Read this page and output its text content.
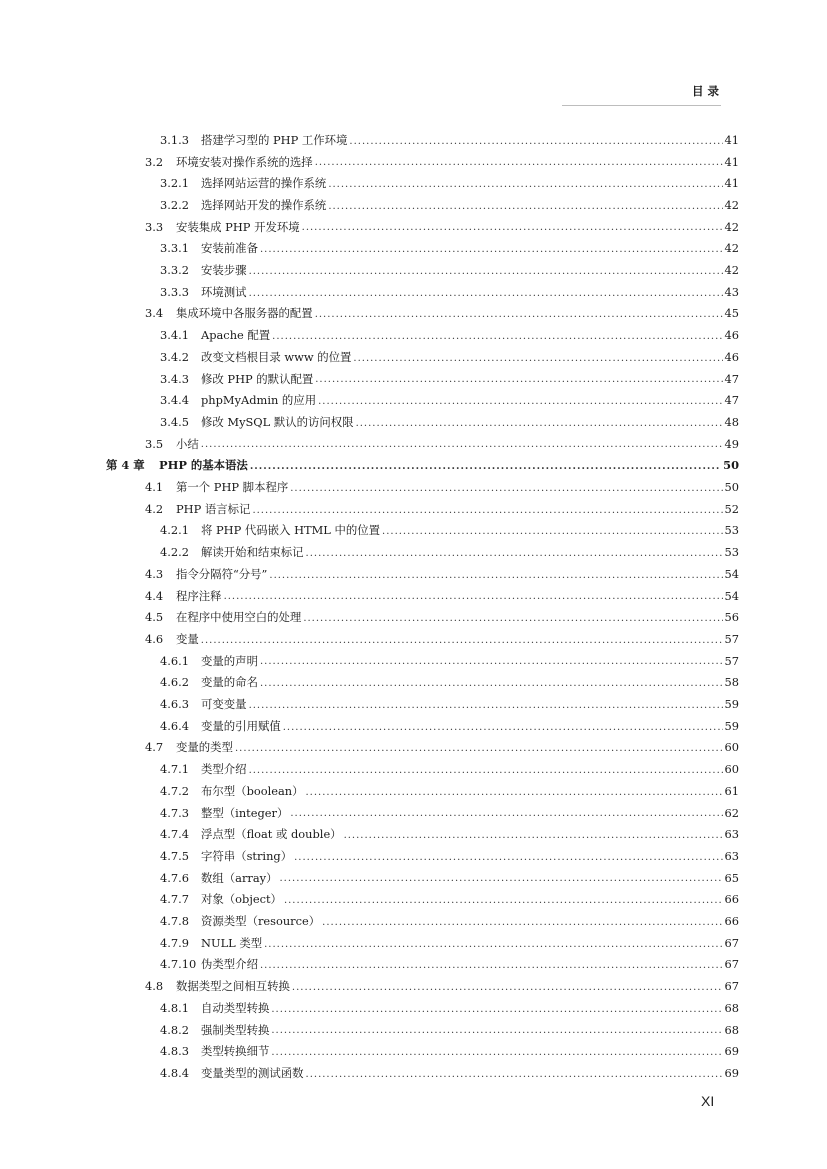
目录
3.1.3	搭建学习型的 PHP 工作环境 .....	41
3.2	环境安装对操作系统的选择 .....	41
3.2.1	选择网站运营的操作系统 .....	41
3.2.2	选择网站开发的操作系统 .....	42
3.3	安装集成 PHP 开发环境 .....	42
3.3.1	安装前准备 .....	42
3.3.2	安装步骤 .....	42
3.3.3	环境测试 .....	43
3.4	集成环境中各服务器的配置 .....	45
3.4.1	Apache 配置 .....	46
3.4.2	改变文档根目录 www 的位置 .....	46
3.4.3	修改 PHP 的默认配置 .....	47
3.4.4	phpMyAdmin 的应用 .....	47
3.4.5	修改 MySQL 默认的访问权限 .....	48
3.5	小结 .....	49
第 4 章	PHP 的基本语法 .....	50
4.1	第一个 PHP 脚本程序 .....	50
4.2	PHP 语言标记 .....	52
4.2.1	将 PHP 代码嵌入 HTML 中的位置 .....	53
4.2.2	解读开始和结束标记 .....	53
4.3	指令分隔符“分号” .....	54
4.4	程序注释 .....	54
4.5	在程序中使用空白的处理 .....	56
4.6	变量 .....	57
4.6.1	变量的声明 .....	57
4.6.2	变量的命名 .....	58
4.6.3	可变变量 .....	59
4.6.4	变量的引用赋值 .....	59
4.7	变量的类型 .....	60
4.7.1	类型介绍 .....	60
4.7.2	布尔型（boolean） .....	61
4.7.3	整型（integer） .....	62
4.7.4	浮点型（float 或 double） .....	63
4.7.5	字符串（string） .....	63
4.7.6	数组（array） .....	65
4.7.7	对象（object） .....	66
4.7.8	资源类型（resource） .....	66
4.7.9	NULL 类型 .....	67
4.7.10 伪类型介绍 .....	67
4.8	数据类型之间相互转换 .....	67
4.8.1	自动类型转换 .....	68
4.8.2	强制类型转换 .....	68
4.8.3	类型转换细节 .....	69
4.8.4	变量类型的测试函数 .....	69
XI
